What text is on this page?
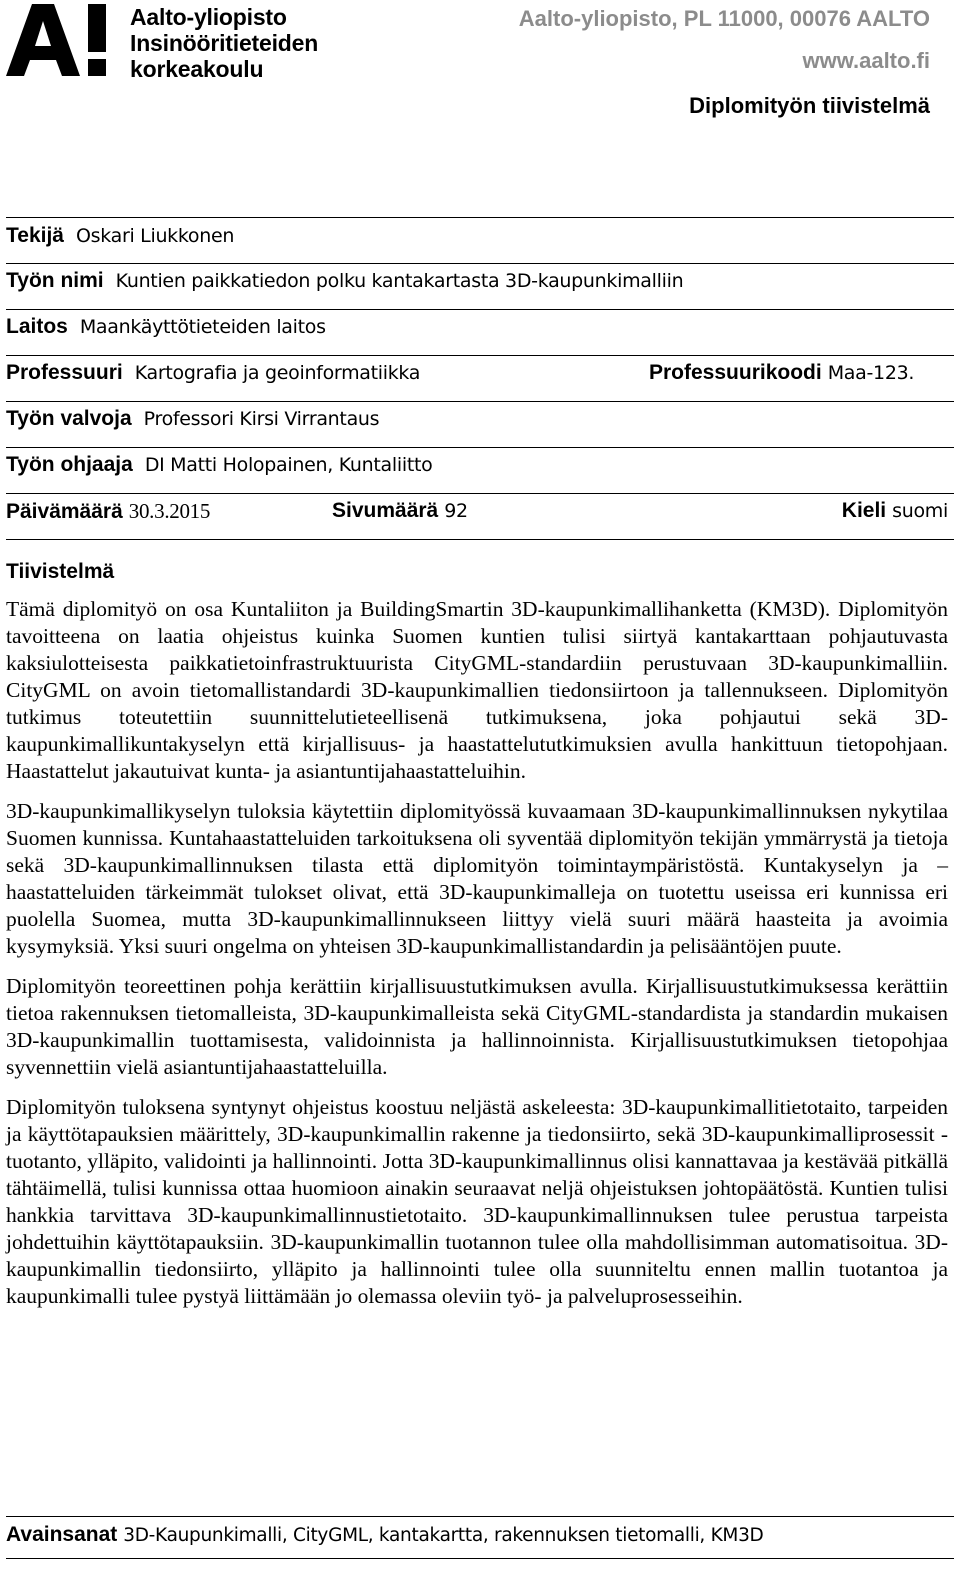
Aalto-yliopisto
Insinööritieteiden
korkeakoulu
Aalto-yliopisto, PL 11000, 00076 AALTO
www.aalto.fi
Diplomityön tiivistelmä
Tekijä Oskari Liukkonen
Työn nimi Kuntien paikkatiedon polku kantakartasta 3D-kaupunkimalliin
Laitos Maankäyttötieteiden laitos
Professuuri Kartografia ja geoinformatiikka	Professuurikoodi Maa-123.
Työn valvoja Professori Kirsi Virrantaus
Työn ohjaaja DI Matti Holopainen, Kuntaliitto
Päivämäärä 30.3.2015	Sivumäärä 92	Kieli suomi
Tiivistelmä

Tämä diplomityö on osa Kuntaliiton ja BuildingSmartin 3D-kaupunkimallihanketta (KM3D). Diplomityön tavoitteena on laatia ohjeistus kuinka Suomen kuntien tulisi siirtyä kantakarttaan pohjautuvasta kaksiulotteisesta paikkatietoinfrastruktuurista CityGML-standardiin perustuvaan 3D-kaupunkimalliin. CityGML on avoin tietomallistandardi 3D-kaupunkimallien tiedonsiirtoon ja tallennukseen. Diplomityön tutkimus toteutettiin suunnittelutieteellisenä tutkimuksena, joka pohjautui sekä 3D-kaupunkimallikuntakyselyn että kirjallisuus- ja haastattelututkimuksien avulla hankittuun tietopohjaan. Haastattelut jakautuivat kunta- ja asiantuntijahaastatteluihin.

3D-kaupunkimallikyselyn tuloksia käytettiin diplomityössä kuvaamaan 3D-kaupunkimallinnuksen nykytilaa Suomen kunnissa. Kuntahaastatteluiden tarkoituksena oli syventää diplomityön tekijän ymmärrystä ja tietoja sekä 3D-kaupunkimallinnuksen tilasta että diplomityön toimintaympäristöstä. Kuntakyselyn ja –haastatteluiden tärkeimmät tulokset olivat, että 3D-kaupunkimalleja on tuotettu useissa eri kunnissa eri puolella Suomea, mutta 3D-kaupunkimallinnukseen liittyy vielä suuri määrä haasteita ja avoimia kysymyksiä. Yksi suuri ongelma on yhteisen 3D-kaupunkimallistandardin ja pelisääntöjen puute.

Diplomityön teoreettinen pohja kerättiin kirjallisuustutkimuksen avulla. Kirjallisuustutkimuksessa kerättiin tietoa rakennuksen tietomalleista, 3D-kaupunkimalleista sekä CityGML-standardista ja standardin mukaisen 3D-kaupunkimallin tuottamisesta, validoinnista ja hallinnoinnista. Kirjallisuustutkimuksen tietopohjaa syvennettiin vielä asiantuntijahaastatteluilla.

Diplomityön tuloksena syntynyt ohjeistus koostuu neljästä askeleesta: 3D-kaupunkimallitietotaito, tarpeiden ja käyttötapauksien määrittely, 3D-kaupunkimallin rakenne ja tiedonsiirto, sekä 3D-kaupunkimalliprosessit - tuotanto, ylläpito, validointi ja hallinnointi. Jotta 3D-kaupunkimallinnus olisi kannattavaa ja kestävää pitkällä tähtäimellä, tulisi kunnissa ottaa huomioon ainakin seuraavat neljä ohjeistuksen johtopäätöstä. Kuntien tulisi hankkia tarvittava 3D-kaupunkimallinnustietotaito. 3D-kaupunkimallinnuksen tulee perustua tarpeista johdettuihin käyttötapauksiin. 3D-kaupunkimallin tuotannon tulee olla mahdollisimman automatisoitua. 3D-kaupunkimallin tiedonsiirto, ylläpito ja hallinnointi tulee olla suunniteltu ennen mallin tuotantoa ja kaupunkimalli tulee pystyä liittämään jo olemassa oleviin työ- ja palveluprosesseihin.

Avainsanat 3D-Kaupunkimalli, CityGML, kantakartta, rakennuksen tietomalli, KM3D
